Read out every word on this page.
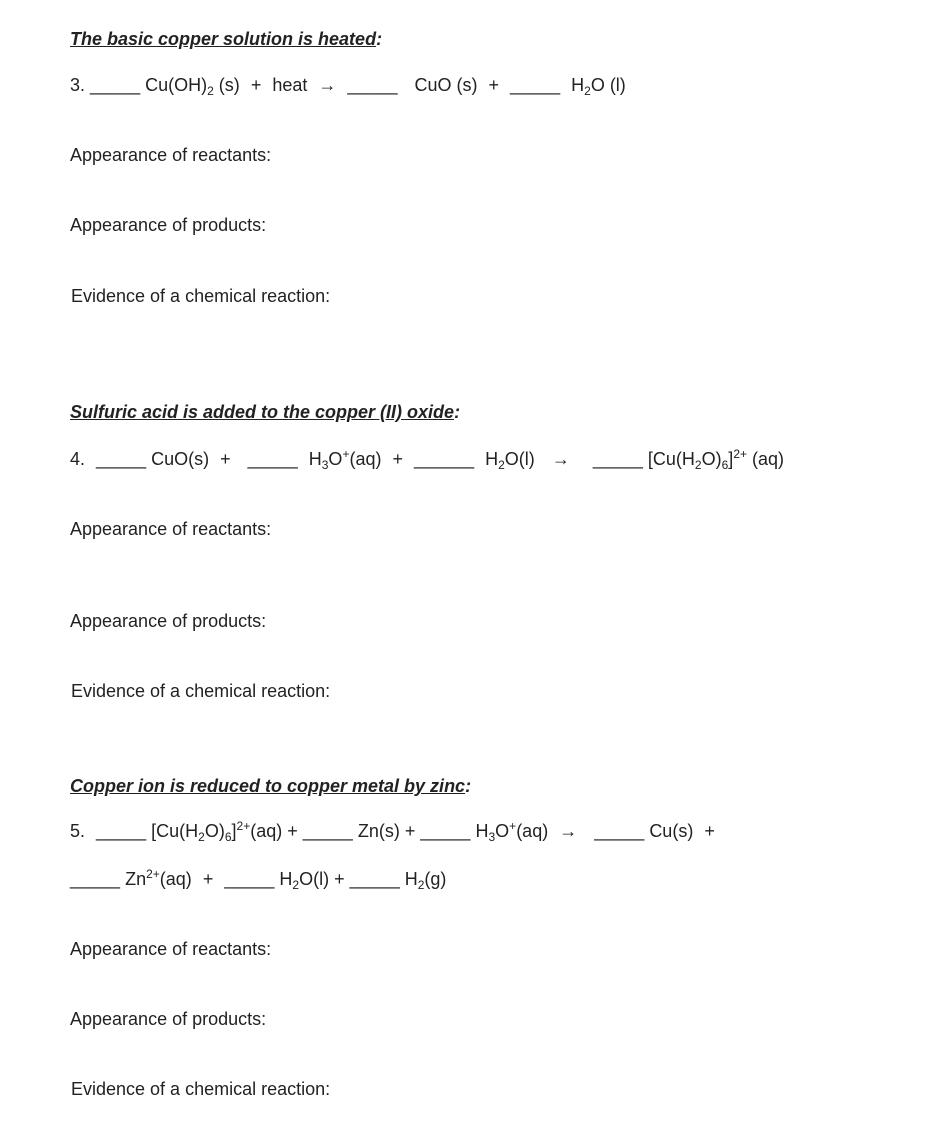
The basic copper solution is heated:
3. _____ $Cu(OH)_2$ (s) + heat → _____ CuO (s) + _____ $H_2O$ (l)
Appearance of reactants:
Appearance of products:
Evidence of a chemical reaction:
Sulfuric acid is added to the copper (II) oxide:
4. _____ CuO(s) + _____ $H_3O^+(aq)$ + ______ $H_2O(l)$ → _____ $[Cu(H_2O)_6]^{2+}$ (aq)
Appearance of reactants:
Appearance of products:
Evidence of a chemical reaction:
Copper ion is reduced to copper metal by zinc:
5. _____ $[Cu(H_2O)_6]^{2+}(aq)$ + _____ Zn(s) + _____ $H_3O^+(aq)$ → _____ Cu(s) +
_____ $Zn^{2+}(aq)$ + _____ $H_2O(l)$ + _____ $H_2(g)$
Appearance of reactants:
Appearance of products:
Evidence of a chemical reaction:
